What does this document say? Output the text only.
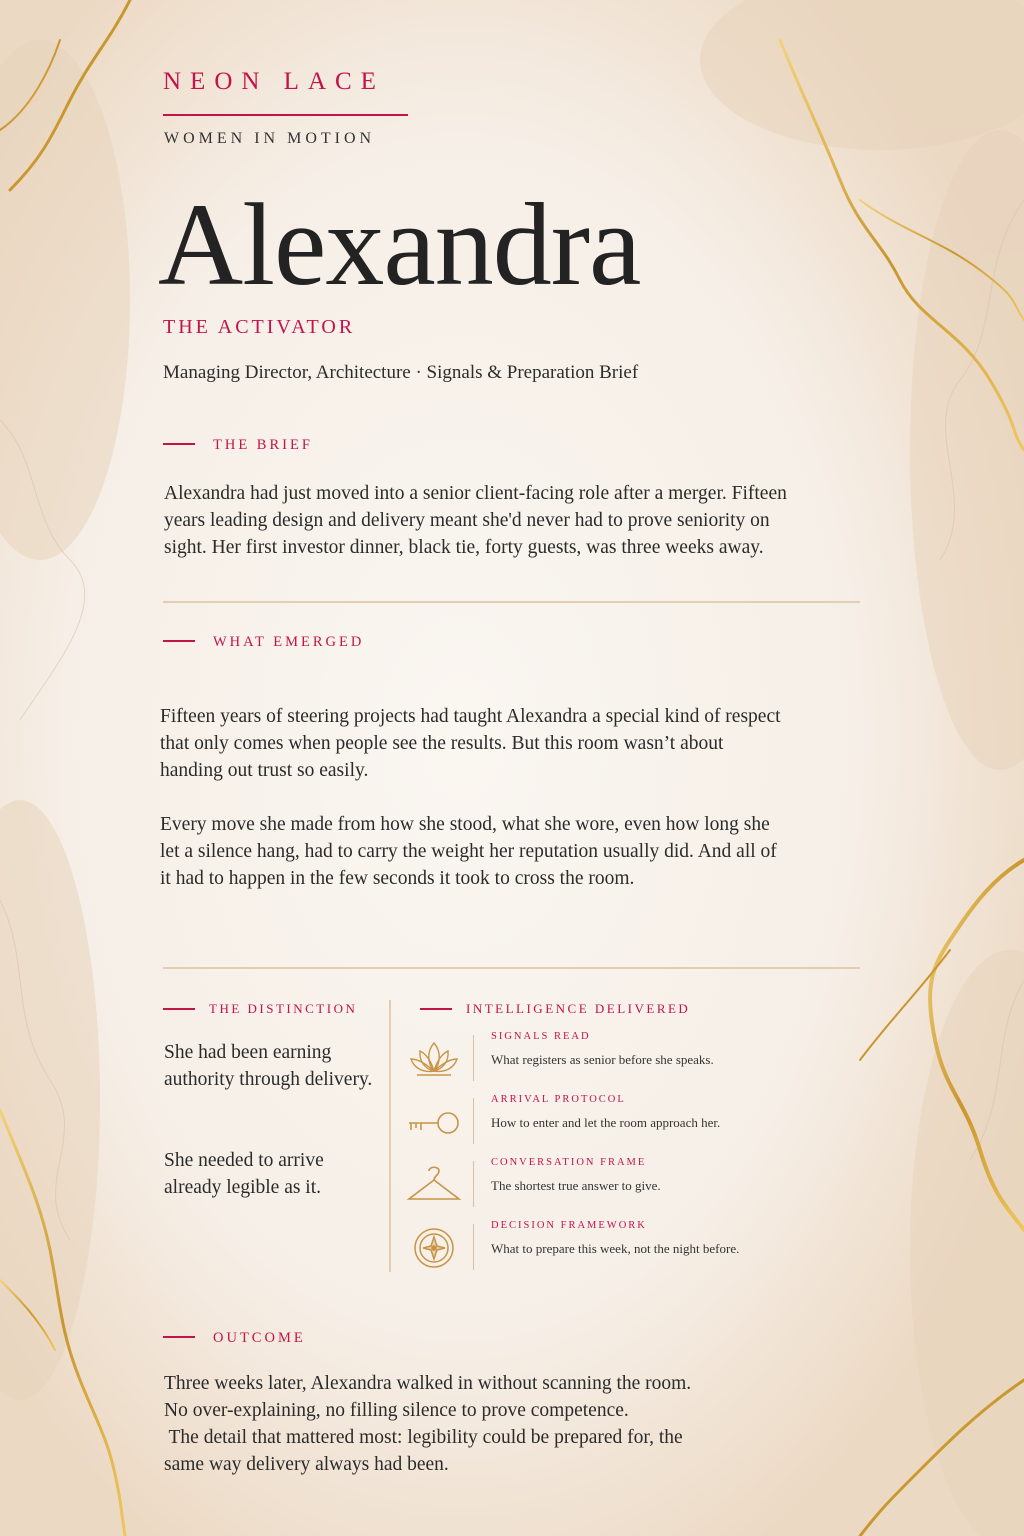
NEON LACE
WOMEN IN MOTION
Alexandra
THE ACTIVATOR
Managing Director, Architecture · Signals & Preparation Brief
THE BRIEF

Alexandra had just moved into a senior client-facing role after a merger. Fifteen years leading design and delivery meant she'd never had to prove seniority on sight. Her first investor dinner, black tie, forty guests, was three weeks away.

WHAT EMERGED

Fifteen years of steering projects had taught Alexandra a special kind of respect that only comes when people see the results. But this room wasn’t about handing out trust so easily.

Every move she made from how she stood, what she wore, even how long she let a silence hang, had to carry the weight her reputation usually did. And all of it had to happen in the few seconds it took to cross the room.

THE DISTINCTION

She had been earning authority through delivery.

She needed to arrive already legible as it.

INTELLIGENCE DELIVERED
SIGNALS READ
What registers as senior before she speaks.
ARRIVAL PROTOCOL
How to enter and let the room approach her.
CONVERSATION FRAME
The shortest true answer to give.
DECISION FRAMEWORK
What to prepare this week, not the night before.
OUTCOME
Three weeks later, Alexandra walked in without scanning the room.
No over-explaining, no filling silence to prove competence.
The detail that mattered most: legibility could be prepared for, the
same way delivery always had been.
